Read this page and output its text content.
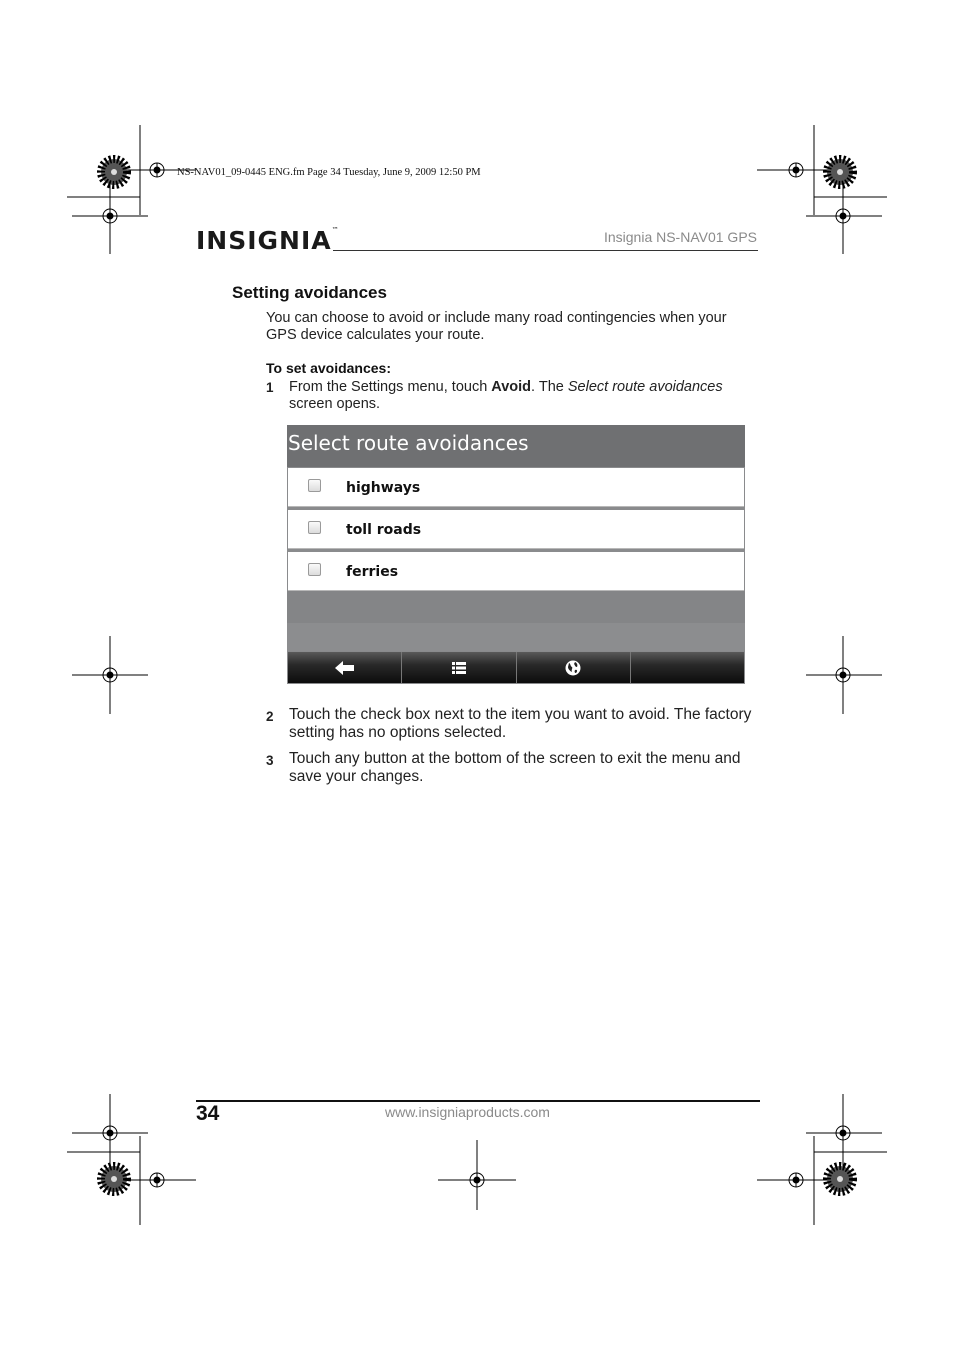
NS-NAV01_09-0445 ENG.fm Page 34 Tuesday, June 9, 2009 12:50 PM
INSIGNIA™	Insignia NS-NAV01 GPS
Setting avoidances
You can choose to avoid or include many road contingencies when your GPS device calculates your route.
To set avoidances:
1 From the Settings menu, touch Avoid. The Select route avoidances screen opens.
Select route avoidances
highways
toll roads
ferries
2 Touch the check box next to the item you want to avoid. The factory setting has no options selected.
3 Touch any button at the bottom of the screen to exit the menu and save your changes.
34	www.insigniaproducts.com
